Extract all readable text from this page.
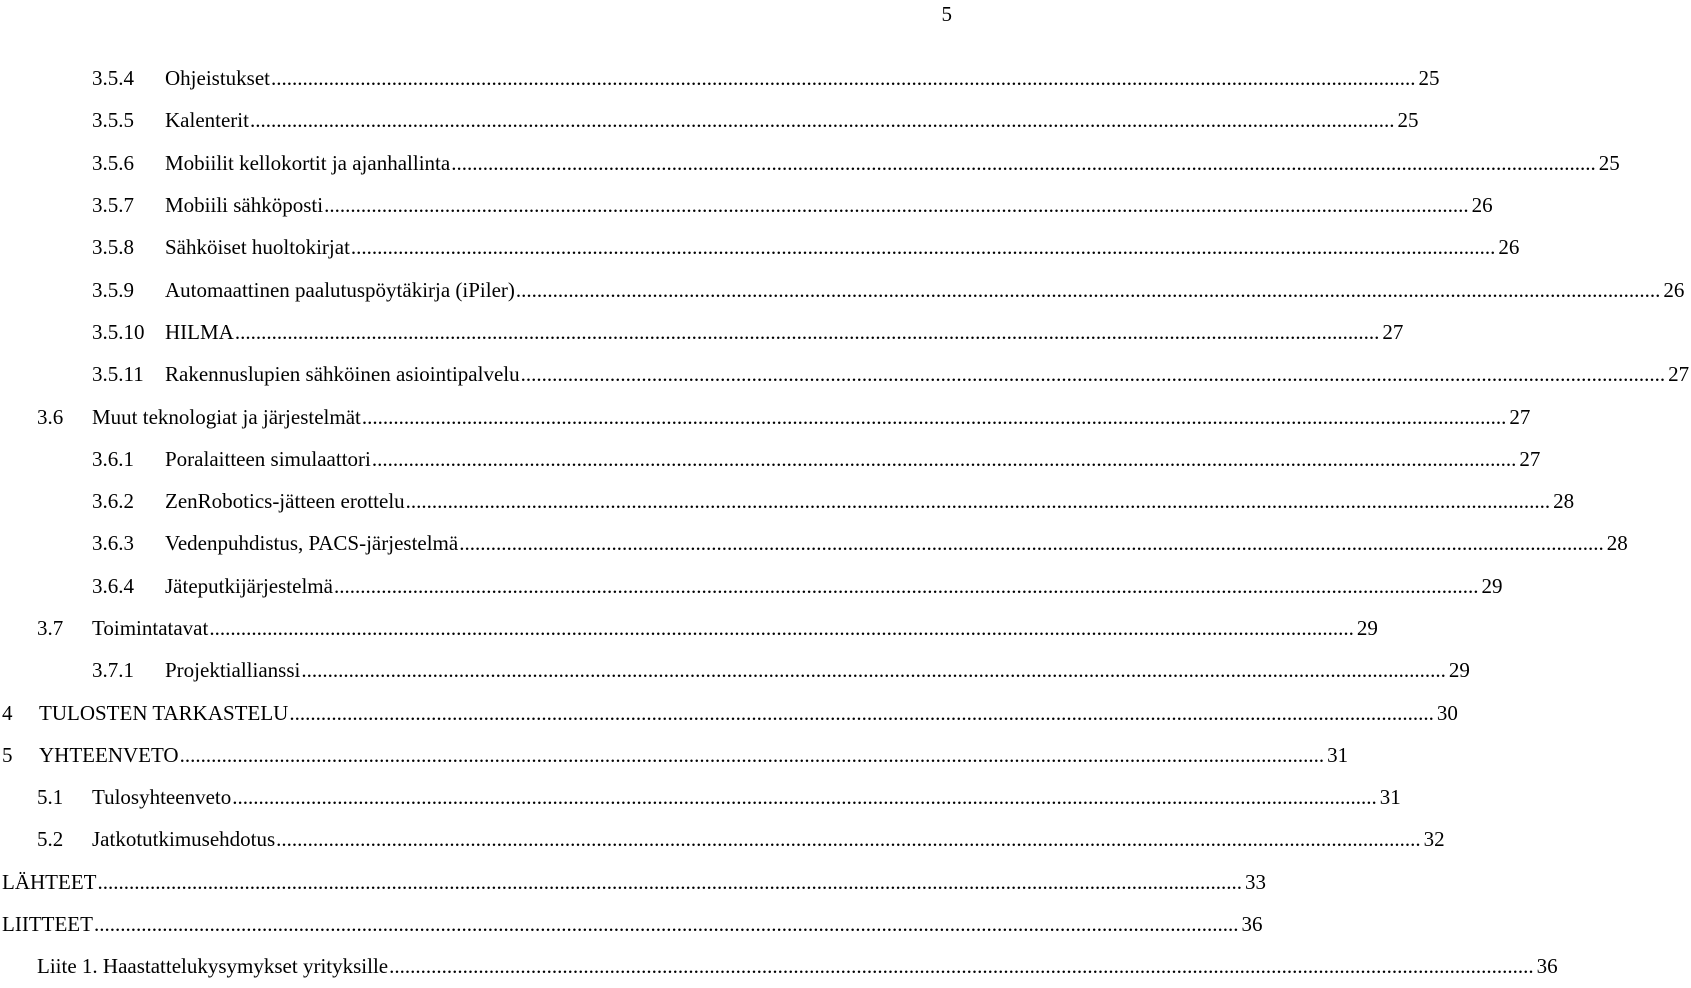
5
3.5.4	Ohjeistukset .......................................................................................................................................................................................................................... 25
3.5.5	Kalenterit .......................................................................................................................................................................................................................... 25
3.5.6	Mobiilit kellokortit ja ajanhallinta .......................................................................................................................................................................................................................... 25
3.5.7	Mobiili sähköposti .......................................................................................................................................................................................................................... 26
3.5.8	Sähköiset huoltokirjat .......................................................................................................................................................................................................................... 26
3.5.9	Automaattinen paalutuspöytäkirja (iPiler) .......................................................................................................................................................................................................................... 26
3.5.10 HILMA .......................................................................................................................................................................................................................... 27
3.5.11	Rakennuslupien sähköinen asiointipalvelu .......................................................................................................................................................................................................................... 27
3.6	Muut teknologiat ja järjestelmät .......................................................................................................................................................................................................................... 27
3.6.1	Poralaitteen simulaattori .......................................................................................................................................................................................................................... 27
3.6.2	ZenRobotics-jätteen erottelu .......................................................................................................................................................................................................................... 28
3.6.3	Vedenpuhdistus, PACS-järjestelmä .......................................................................................................................................................................................................................... 28
3.6.4	Jäteputkijärjestelmä .......................................................................................................................................................................................................................... 29
3.7	Toimintatavat .......................................................................................................................................................................................................................... 29
3.7.1	Projektiallianssi .......................................................................................................................................................................................................................... 29
4	TULOSTEN TARKASTELU .......................................................................................................................................................................................................................... 30
5	YHTEENVETO .......................................................................................................................................................................................................................... 31
5.1	Tulosyhteenveto .......................................................................................................................................................................................................................... 31
5.2	Jatkotutkimusehdotus .......................................................................................................................................................................................................................... 32
LÄHTEET .......................................................................................................................................................................................................................... 33
LIITTEET .......................................................................................................................................................................................................................... 36
Liite 1. Haastattelukysymykset yrityksille .......................................................................................................................................................................................................................... 36
